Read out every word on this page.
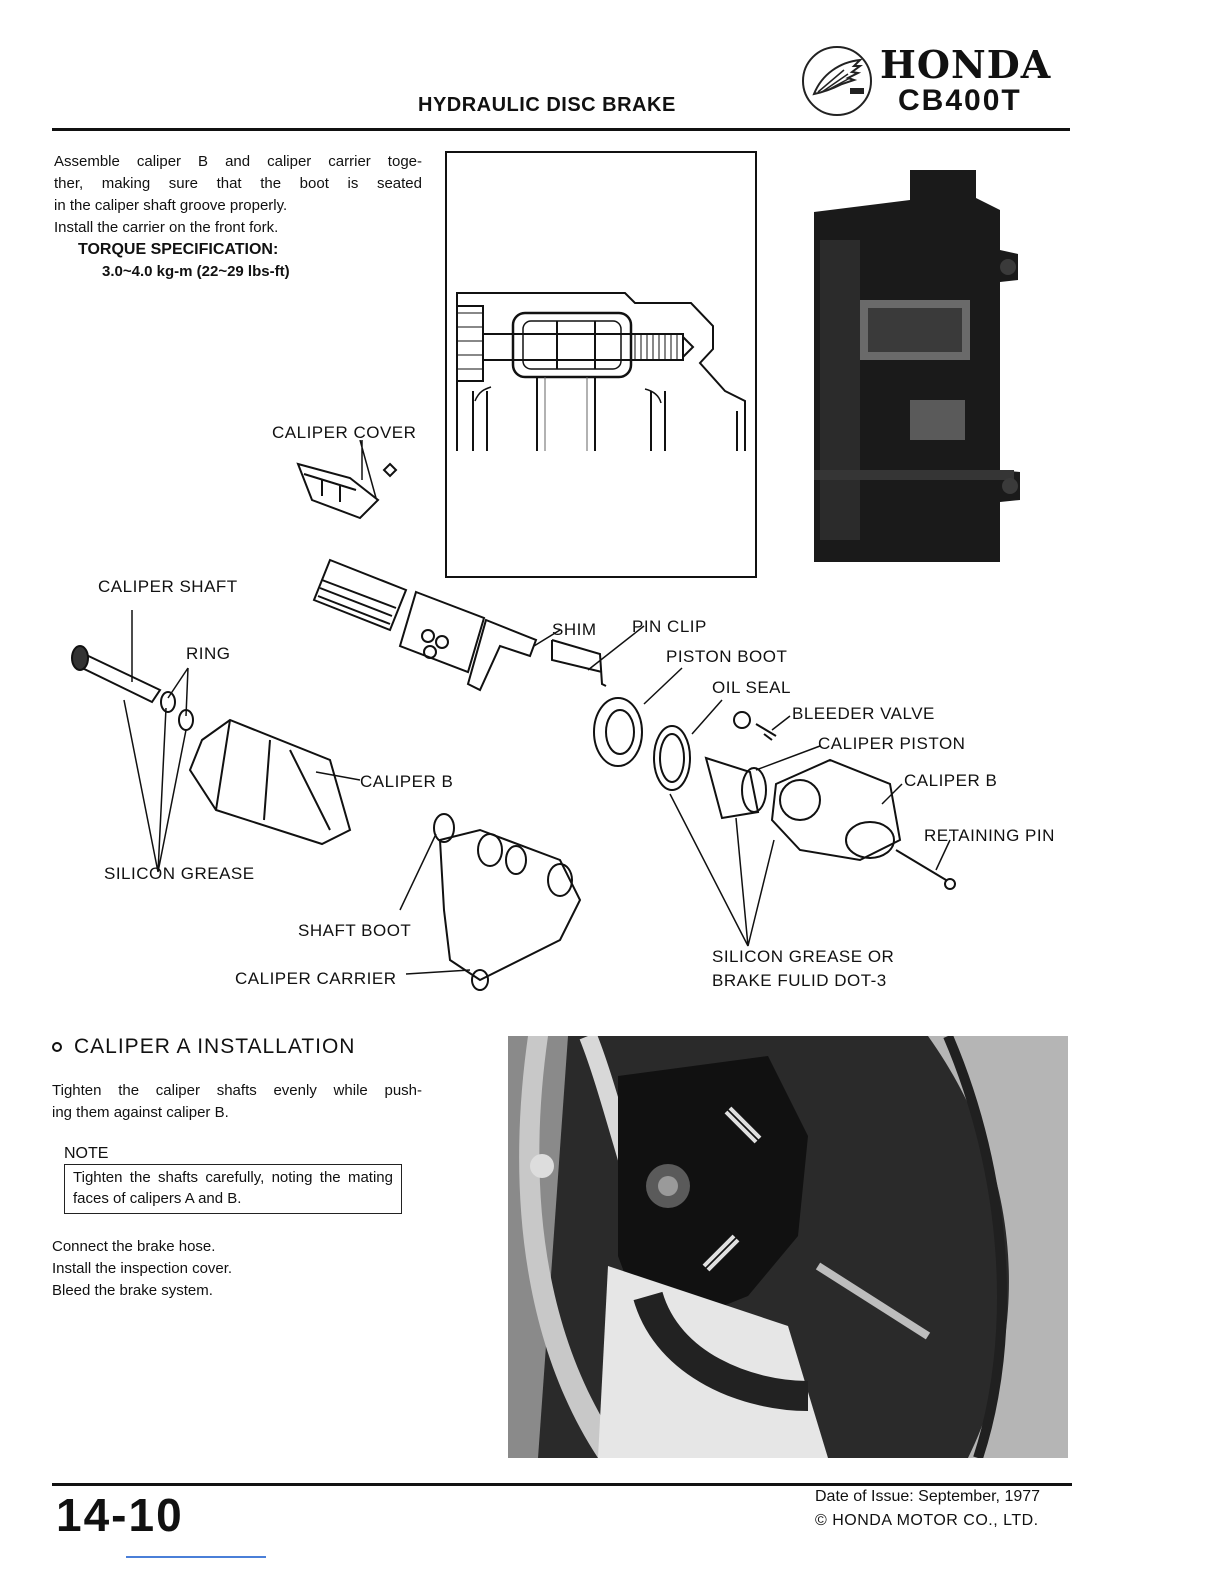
HYDRAULIC DISC BRAKE
HONDA
CB400T
Assemble caliper B and caliper carrier toge-
ther, making sure that the boot is seated
in the caliper shaft groove properly.
Install the carrier on the front fork.
TORQUE SPECIFICATION:
3.0~4.0 kg-m (22~29 lbs-ft)
CALIPER COVER
CALIPER SHAFT
RING
CALIPER B
SILICON GREASE
SHAFT BOOT
CALIPER CARRIER
SHIM PIN CLIP
PISTON BOOT
OIL SEAL
BLEEDER VALVE
CALIPER PISTON
CALIPER B
RETAINING PIN
SILICON GREASE OR
BRAKE FULID DOT-3
CALIPER A INSTALLATION
Tighten the caliper shafts evenly while push-
ing them against caliper B.
NOTE
Tighten the shafts carefully, noting the mating faces of calipers A and B.
Connect the brake hose.
Install the inspection cover.
Bleed the brake system.
14-10	Date of Issue: September, 1977
© HONDA MOTOR CO., LTD.
